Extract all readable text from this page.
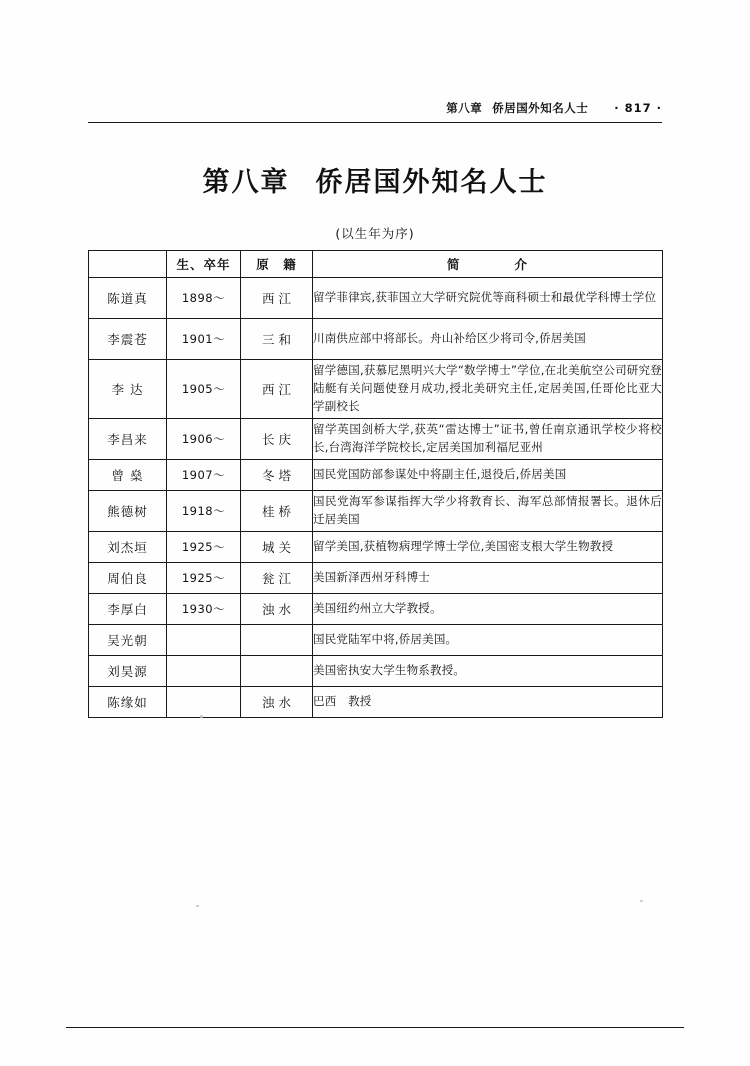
第八章 侨居国外知名人士 · 817 ·
第八章 侨居国外知名人士
(以生年为序)
	生、卒年	原　籍	简　　　　介
陈道真	1898～	西江	留学菲律宾,获菲国立大学研究院优等商科硕士和最优学科博士学位
李震苍	1901～	三和	川南供应部中将部长。舟山补给区少将司令,侨居美国
李 达	1905～	西江	留学德国,获慕尼黑明兴大学“数学博士”学位,在北美航空公司研究登陆艇有关问题使登月成功,授北美研究主任,定居美国,任哥伦比亚大学副校长
李昌来	1906～	长庆	留学英国剑桥大学,获英“雷达博士”证书,曾任南京通讯学校少将校长,台湾海洋学院校长,定居美国加利福尼亚州
曾 燊	1907～	冬塔	国民党国防部参谋处中将副主任,退役后,侨居美国
熊德树	1918～	桂桥	国民党海军参谋指挥大学少将教育长、海军总部情报署长。退休后迁居美国
刘杰垣	1925～	城关	留学美国,获植物病理学博士学位,美国密支根大学生物教授
周伯良	1925～	瓮江	美国新泽西州牙科博士
李厚白	1930～	浊水	美国纽约州立大学教授。
吴光朝			国民党陆军中将,侨居美国。
刘昊源			美国密执安大学生物系教授。
陈缘如		浊水	巴西　教授
